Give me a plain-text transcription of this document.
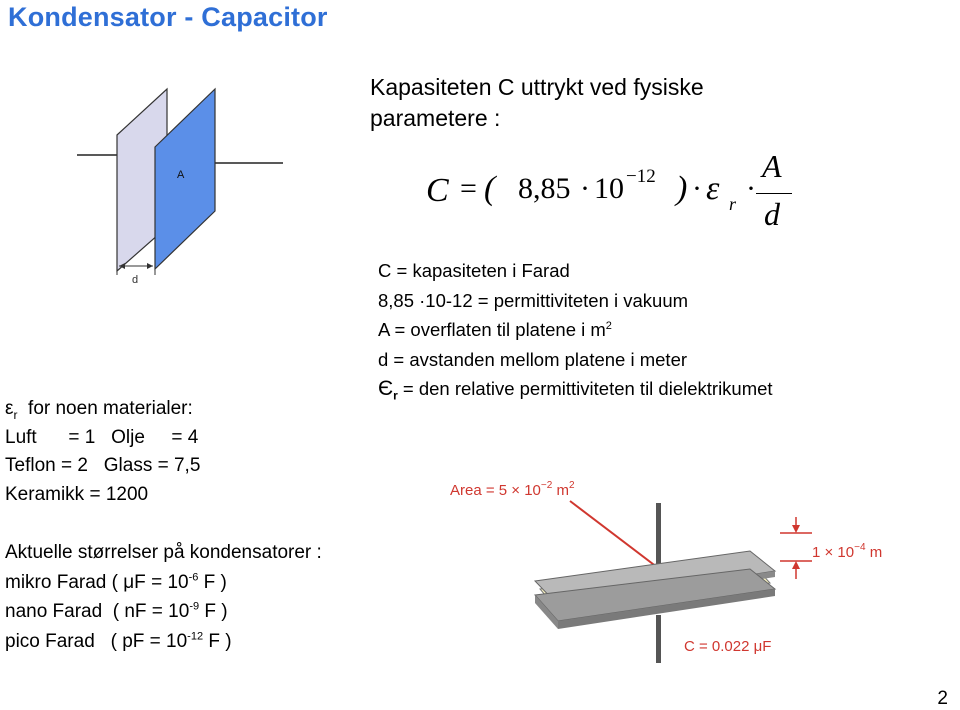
Kondensator - Capacitor
A
d
Kapasiteten C uttrykt ved fysiske
parametere :
C = ( 8,85 · 10 −12 ) · ε r ·
A
d
C = kapasiteten i Farad
8,85 ·10-12 = permittiviteten i vakuum
A = overflaten til platene i $m^2$
d = avstanden mellom platene i meter
$Є_r$ = den relative permittiviteten til dielektrikumet
$\varepsilon_r$  for noen materialer:
Luft      = 1   Olje     = 4
Teflon = 2   Glass = 7,5
Keramikk = 1200
Aktuelle størrelser på kondensatorer :
mikro Farad ( $\mu F = 10^{-6}$ F )
nano Farad  ( nF = $10^{-9}$ F )
pico Farad   ( pF = $10^{-12}$ F )
Area = $5 \times 10^{-2}$ $m^2$
$1 \times 10^{-4}$ m
C = 0.022 μF
2
